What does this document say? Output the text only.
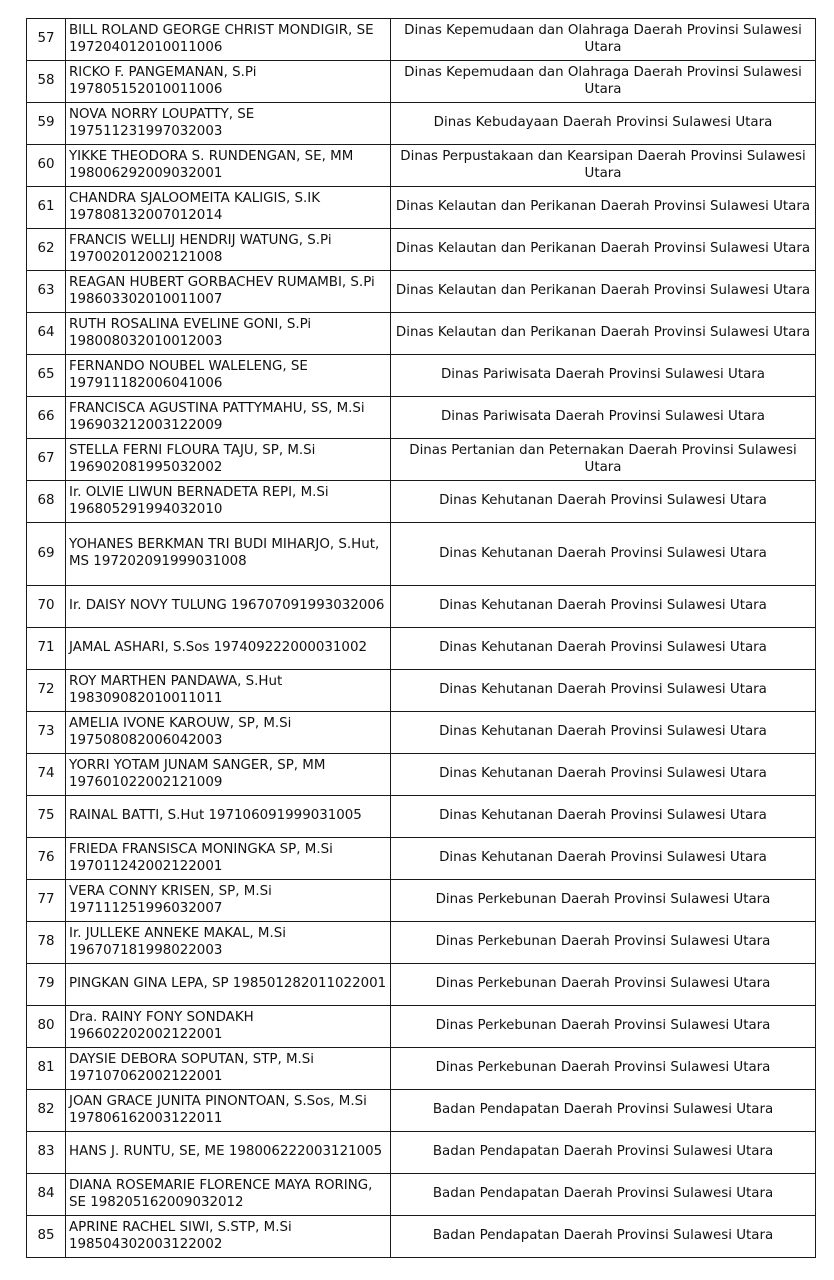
57	BILL ROLAND GEORGE CHRIST MONDIGIR, SE 197204012010011006	Dinas Kepemudaan dan Olahraga Daerah Provinsi Sulawesi Utara
58	RICKO F. PANGEMANAN, S.Pi 197805152010011006	Dinas Kepemudaan dan Olahraga Daerah Provinsi Sulawesi Utara
59	NOVA NORRY LOUPATTY, SE 197511231997032003	Dinas Kebudayaan Daerah Provinsi Sulawesi Utara
60	YIKKE THEODORA S. RUNDENGAN, SE, MM 198006292009032001	Dinas Perpustakaan dan Kearsipan Daerah Provinsi Sulawesi Utara
61	CHANDRA SJALOOMEITA KALIGIS, S.IK 197808132007012014	Dinas Kelautan dan Perikanan Daerah Provinsi Sulawesi Utara
62	FRANCIS WELLIJ HENDRIJ WATUNG, S.Pi 197002012002121008	Dinas Kelautan dan Perikanan Daerah Provinsi Sulawesi Utara
63	REAGAN HUBERT GORBACHEV RUMAMBI, S.Pi 198603302010011007	Dinas Kelautan dan Perikanan Daerah Provinsi Sulawesi Utara
64	RUTH ROSALINA EVELINE GONI, S.Pi 198008032010012003	Dinas Kelautan dan Perikanan Daerah Provinsi Sulawesi Utara
65	FERNANDO NOUBEL WALELENG, SE 197911182006041006	Dinas Pariwisata Daerah Provinsi Sulawesi Utara
66	FRANCISCA AGUSTINA PATTYMAHU, SS, M.Si 196903212003122009	Dinas Pariwisata Daerah Provinsi Sulawesi Utara
67	STELLA FERNI FLOURA TAJU, SP, M.Si 196902081995032002	Dinas Pertanian dan Peternakan Daerah Provinsi Sulawesi Utara
68	Ir. OLVIE LIWUN BERNADETA REPI, M.Si 196805291994032010	Dinas Kehutanan Daerah Provinsi Sulawesi Utara
69	YOHANES BERKMAN TRI BUDI MIHARJO, S.Hut, MS 197202091999031008	Dinas Kehutanan Daerah Provinsi Sulawesi Utara
70	Ir. DAISY NOVY TULUNG 196707091993032006	Dinas Kehutanan Daerah Provinsi Sulawesi Utara
71	JAMAL ASHARI, S.Sos 197409222000031002	Dinas Kehutanan Daerah Provinsi Sulawesi Utara
72	ROY MARTHEN PANDAWA, S.Hut 198309082010011011	Dinas Kehutanan Daerah Provinsi Sulawesi Utara
73	AMELIA IVONE KAROUW, SP, M.Si 197508082006042003	Dinas Kehutanan Daerah Provinsi Sulawesi Utara
74	YORRI YOTAM JUNAM SANGER, SP, MM 197601022002121009	Dinas Kehutanan Daerah Provinsi Sulawesi Utara
75	RAINAL BATTI, S.Hut 197106091999031005	Dinas Kehutanan Daerah Provinsi Sulawesi Utara
76	FRIEDA FRANSISCA MONINGKA SP, M.Si 197011242002122001	Dinas Kehutanan Daerah Provinsi Sulawesi Utara
77	VERA CONNY KRISEN, SP, M.Si 197111251996032007	Dinas Perkebunan Daerah Provinsi Sulawesi Utara
78	Ir. JULLEKE ANNEKE MAKAL, M.Si 196707181998022003	Dinas Perkebunan Daerah Provinsi Sulawesi Utara
79	PINGKAN GINA LEPA, SP 198501282011022001	Dinas Perkebunan Daerah Provinsi Sulawesi Utara
80	Dra. RAINY FONY SONDAKH 196602202002122001	Dinas Perkebunan Daerah Provinsi Sulawesi Utara
81	DAYSIE DEBORA SOPUTAN, STP, M.Si 197107062002122001	Dinas Perkebunan Daerah Provinsi Sulawesi Utara
82	JOAN GRACE JUNITA PINONTOAN, S.Sos, M.Si 197806162003122011	Badan Pendapatan Daerah Provinsi Sulawesi Utara
83	HANS J. RUNTU, SE, ME 198006222003121005	Badan Pendapatan Daerah Provinsi Sulawesi Utara
84	DIANA ROSEMARIE FLORENCE MAYA RORING, SE 198205162009032012	Badan Pendapatan Daerah Provinsi Sulawesi Utara
85	APRINE RACHEL SIWI, S.STP, M.Si 198504302003122002	Badan Pendapatan Daerah Provinsi Sulawesi Utara
